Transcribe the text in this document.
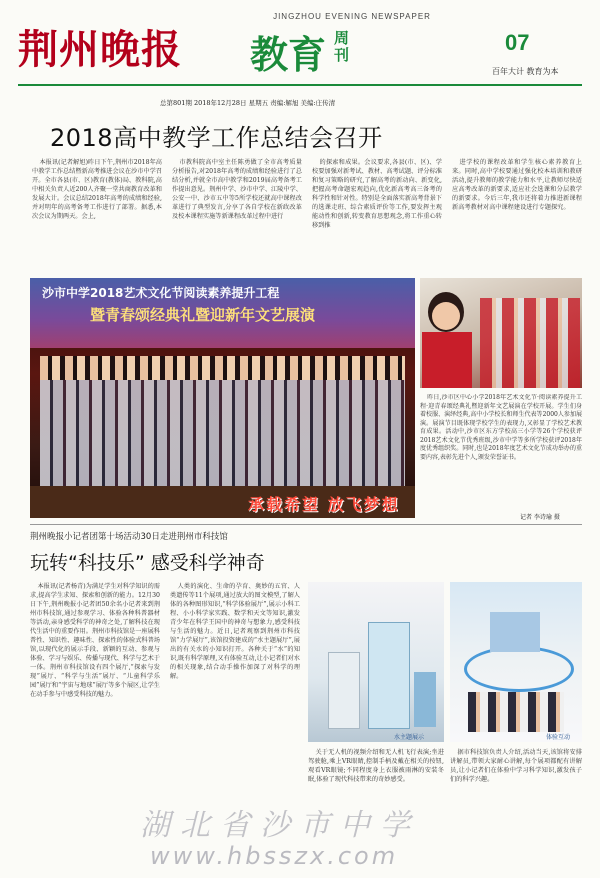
荆州晚报
JINGZHOU EVENING NEWSPAPER
教育 周刊	07
百年大计 教育为本
总第801期 2018年12月28日 星期五 责编:解旭 美编:庄传清
2018高中教学工作总结会召开

本报讯(记者解旭)昨日下午,荆州市2018年高中教学工作总结暨新高考推进会议在沙市中学召开。全市各县(市、区)教育(教体)局、教科院,高中相关负责人近200人齐聚一堂共商教育改革和发展大计。会议总结2018年高考的成绩和经验,并对明年的高考备考工作进行了部署。据悉,本次会议为期两天。会上,

市教科院高中室主任陈勇做了全市高考质量分析报告,对2018年高考的成绩和经验进行了总结分析,并就全市高中教学和2019届高考备考工作提出意见。荆州中学、沙市中学、江陵中学、公安一中、沙市五中等5所学校还就高中课程改革进行了典型发言,分享了各自学校在新政改革及校本课程实施等新课程改革过程中进行

的探索和成果。会议要求,各县(市、区)、学校要加强对新考试、教材、高考试题、评分标准和复习策略的研究,了解高考的新动向、新变化,把握高考命题宏观趋向,优化新高考高三备考的科学性和针对性。特别是全面落实新高考背景下的选课走班、综合素质评价等工作,要发挥主观能动性和创新,转变教育思想观念,将工作重心转移到推

进学校的课程改革和学生核心素养教育上来。同时,高中学校要通过强化校本培训和教研活动,提升教师的教学能力和水平,让教师尽快适应高考改革的新要求,适应社会选课和分层教学的新要求。今后三年,我市还将着力推进新课程新高考教材对高中课程建设进行专题探究。

沙市中学2018艺术文化节阅读素养提升工程
暨青春颂经典礼暨迎新年文艺展演
承载希望 放飞梦想

昨日,沙市区中心小学2018年艺术文化节·阅读素养提升工程·迎青春颂经典礼暨迎新年文艺展演在学校开展。学生们身着校服、演绎经典,高中小学校长和师生代表等2000人参加展演。展演节目既体现学校学生的表现力,又彰显了学校艺术教育成果。活动中,沙市区东方学校高三小学等26个学校获评2018艺术文化节优秀班级,沙市中学等多所学校获评2018年度优秀组织奖。同时,也是2018年度艺术文化节成功举办的重要内容,表彰先进个人,颁发荣誉证书。

记者 李诗瑜 摄
荆州晚报小记者团第十场活动30日走进荆州市科技馆
玩转“科技乐” 感受科学神奇

本报讯(记者杨青)为满足学生对科学知识的需求,提高学生求知、探索和创新的能力。12月30日下午,荆州晚报小记者团50余名小记者来到荆州市科技馆,通过参观学习、体验各种科普器材等活动,亲身感受科学的神奇之处,了解科技在现代生活中的重要作用。荆州市科技馆是一座展科普性、知识性、趣味性、探索性的体验式科普场馆,以现代化的展示手段、新颖的互动、参观与体验、学习与娱乐、传播与现代、科学与艺术于一体。荆州市科技馆设有四个展厅,“探索与发现”展厅、“科学与生活”展厅、“儿童科学乐园”展厅和“宇宙与地球”展厅等多个展区,让学生在动手参与中感受科技的魅力。

人类的演化、生命的孕育、奥妙的五官、人类遗传等11个展项,通过放大的图文模型,了解人体的各种图形知识,“科学体验展厅”,展示小科工程、小小科学家实践、数学和天文等知识,激发青少年在科学王国中的神奇与想象力,感受科技与生活的魅力。近日,记者观察到荆州市科技馆“力学展厅”,该馆投资建成的“水主题展厅”,展出的有关水的小知识打开。各种关于“水”的知识,既有科学原理,又有体验互动,让小记者们对水的相关现象,结合动手操作加深了对科学的理解。

水主题展示	体验互动

关于无人机的视频介绍和无人机飞行表演;坐进驾驶舱,乘上VR眼睛,控制手柄及戴在相关的按钮,观看VR眼镜;不同程度身上衣服被雨淋的安装冬眠,体验了现代科技带来的奇妙感受。

据市科技馆负责人介绍,活动当天,该馆将安排讲解员,带领大家耐心讲解,每个展项都配有讲解员,让小记者们在体验中学习科学知识,激发孩子们的科学兴趣。

湖北省沙市中学
www.hbsszx.com
